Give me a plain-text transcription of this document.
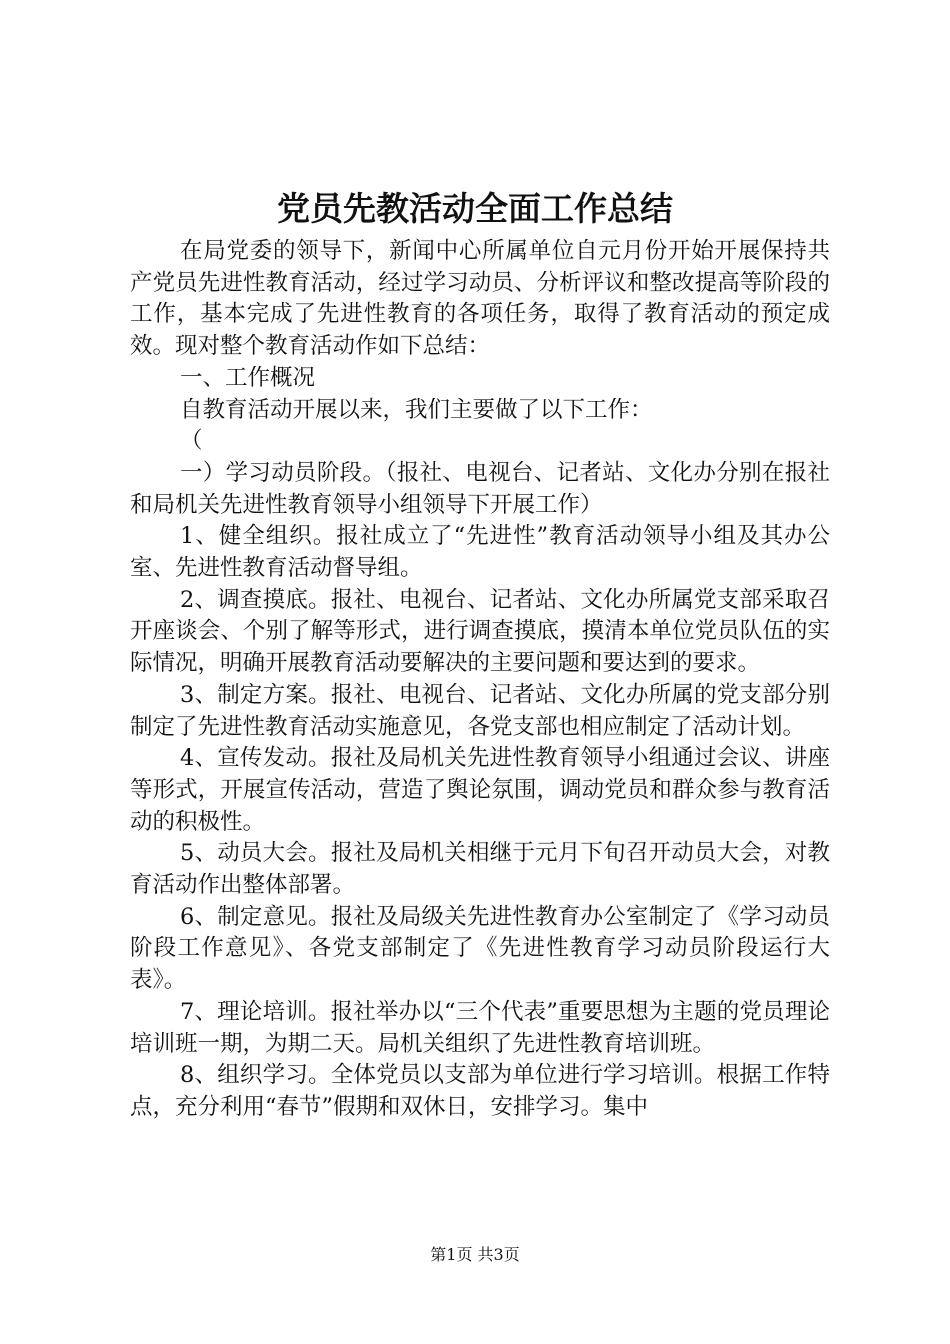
党员先教活动全面工作总结

在局党委的领导下，新闻中心所属单位自元月份开始开展保持共产党员先进性教育活动，经过学习动员、分析评议和整改提高等阶段的工作，基本完成了先进性教育的各项任务，取得了教育活动的预定成效。现对整个教育活动作如下总结：

一、工作概况

自教育活动开展以来，我们主要做了以下工作：

（

一）学习动员阶段。（报社、电视台、记者站、文化办分别在报社和局机关先进性教育领导小组领导下开展工作）

1、健全组织。报社成立了“先进性”教育活动领导小组及其办公室、先进性教育活动督导组。

2、调查摸底。报社、电视台、记者站、文化办所属党支部采取召开座谈会、个别了解等形式，进行调查摸底，摸清本单位党员队伍的实际情况，明确开展教育活动要解决的主要问题和要达到的要求。

3、制定方案。报社、电视台、记者站、文化办所属的党支部分别制定了先进性教育活动实施意见，各党支部也相应制定了活动计划。

4、宣传发动。报社及局机关先进性教育领导小组通过会议、讲座等形式，开展宣传活动，营造了舆论氛围，调动党员和群众参与教育活动的积极性。

5、动员大会。报社及局机关相继于元月下旬召开动员大会，对教育活动作出整体部署。

6、制定意见。报社及局级关先进性教育办公室制定了《学习动员阶段工作意见》、各党支部制定了《先进性教育学习动员阶段运行大表》。

7、理论培训。报社举办以“三个代表”重要思想为主题的党员理论培训班一期，为期二天。局机关组织了先进性教育培训班。

8、组织学习。全体党员以支部为单位进行学习培训。根据工作特点，充分利用“春节”假期和双休日，安排学习。集中

第1页 共3页
